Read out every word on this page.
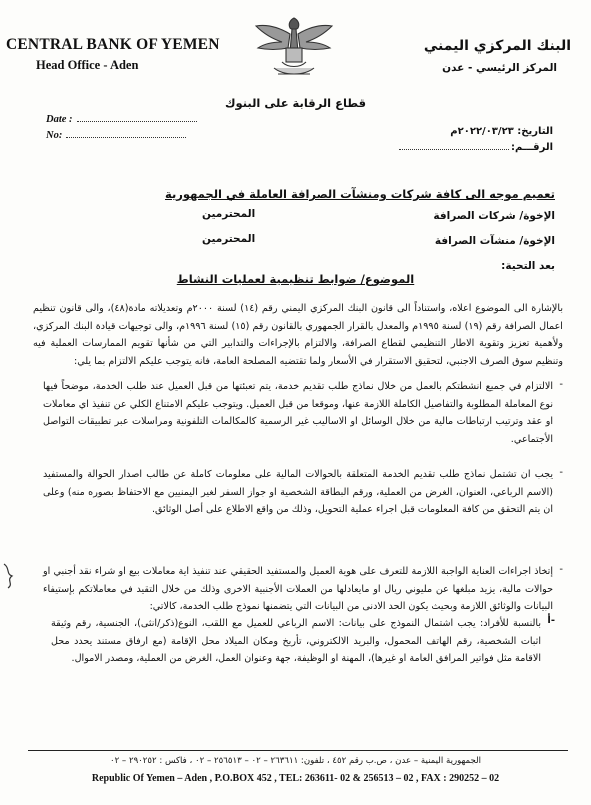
CENTRAL BANK OF YEMEN
Head Office - Aden
البنك المركزي اليمني
المركز الرئيسي - عدن
قطاع الرقابة على البنوك
Date :
No:	التاريخ: ٢٠٢٢/٠٣/٢٣م
الرقـــم:
تعميم موجه الى كافة شركات ومنشآت الصرافة العاملة في الجمهورية
الإخوة/ شركات الصرافة
المحترمين
الإخوة/ منشآت الصرافة
المحترمين
بعد التحية:
الموضوع/ ضوابط تنظيمية لعمليات النشاط
بالإشارة الى الموضوع اعلاه، واستناداً الى قانون البنك المركزي اليمني رقم (١٤) لسنة ٢٠٠٠م وتعديلاته مادة(٤٨)، والى قانون تنظيم اعمال الصرافة رقم (١٩) لسنة ١٩٩٥م والمعدل بالقرار الجمهوري بالقانون رقم (١٥) لسنة ١٩٩٦م، والى توجيهات قيادة البنك المركزي، ولأهمية تعزيز وتقوية الاطار التنظيمي لقطاع الصرافة، والالتزام بالإجراءات والتدابير التي من شأنها تقويم الممارسات العملية فيه وتنظيم سوق الصرف الاجنبي، لتحقيق الاستقرار في الأسعار ولما تقتضيه المصلحة العامة، فانه يتوجب عليكم الالتزام بما يلي:
-
الالتزام في جميع انشطتكم بالعمل من خلال نماذج طلب تقديم خدمة، يتم تعبئتها من قبل العميل عند طلب الخدمة، موضحاً فيها نوع المعاملة المطلوبة والتفاصيل الكاملة اللازمة عنها، وموقعا من قبل العميل. ويتوجب عليكم الامتناع الكلي عن تنفيذ اي معاملات او عقد وترتيب ارتباطات مالية من خلال الوسائل او الاساليب غير الرسمية كالمكالمات التلفونية ومراسلات عبر تطبيقات التواصل الأجتماعي.
-
يجب ان تشتمل نماذج طلب تقديم الخدمة المتعلقة بالحوالات المالية على معلومات كاملة عن طالب اصدار الحوالة والمستفيد (الاسم الرباعي، العنوان، الغرض من العملية، ورقم البطاقة الشخصية او جواز السفر لغير اليمنيين مع الاحتفاظ بصوره منه) وعلى ان يتم التحقق من كافة المعلومات قبل اجراء عملية التحويل، وذلك من واقع الاطلاع على أصل الوثائق.
-
إتخاذ اجراءات العناية الواجبة اللازمة للتعرف على هوية العميل والمستفيد الحقيقي عند تنفيذ اية معاملات بيع او شراء نقد أجنبي او حوالات مالية، يزيد مبلغها عن مليوني ريال او مايعادلها من العملات الأجنبية الاخرى وذلك من خلال التقيد في معاملاتكم بإستيفاء البيانات والوثائق اللازمة وبحيث يكون الحد الادنى من البيانات التي يتضمنها نموذج طلب الخدمة، كالاتي:
أ-
بالنسبة للأفراد: يجب اشتمال النموذج على بيانات: الاسم الرباعي للعميل مع اللقب، النوع(ذكر/انثى)، الجنسية، رقم وثيقة اثبات الشخصية، رقم الهاتف المحمول، والبريد الالكتروني، تأريخ ومكان الميلاد محل الإقامة (مع ارفاق مستند يحدد محل الاقامة مثل فواتير المرافق العامة او غيرها)، المهنة او الوظيفة، جهة وعنوان العمل، الغرض من العملية، ومصدر الاموال.
الجمهورية اليمنية – عدن ، ص.ب رقم ٤٥٢ ، تلفون: ٢٦٣٦١١ – ٠٢ – ٢٥٦٥١٣ – ٠٢ ، فاكس : ٢٩٠٢٥٢ – ٠٢
Republic Of Yemen – Aden , P.O.BOX 452 , TEL: 263611- 02 & 256513 – 02 , FAX : 290252 – 02
